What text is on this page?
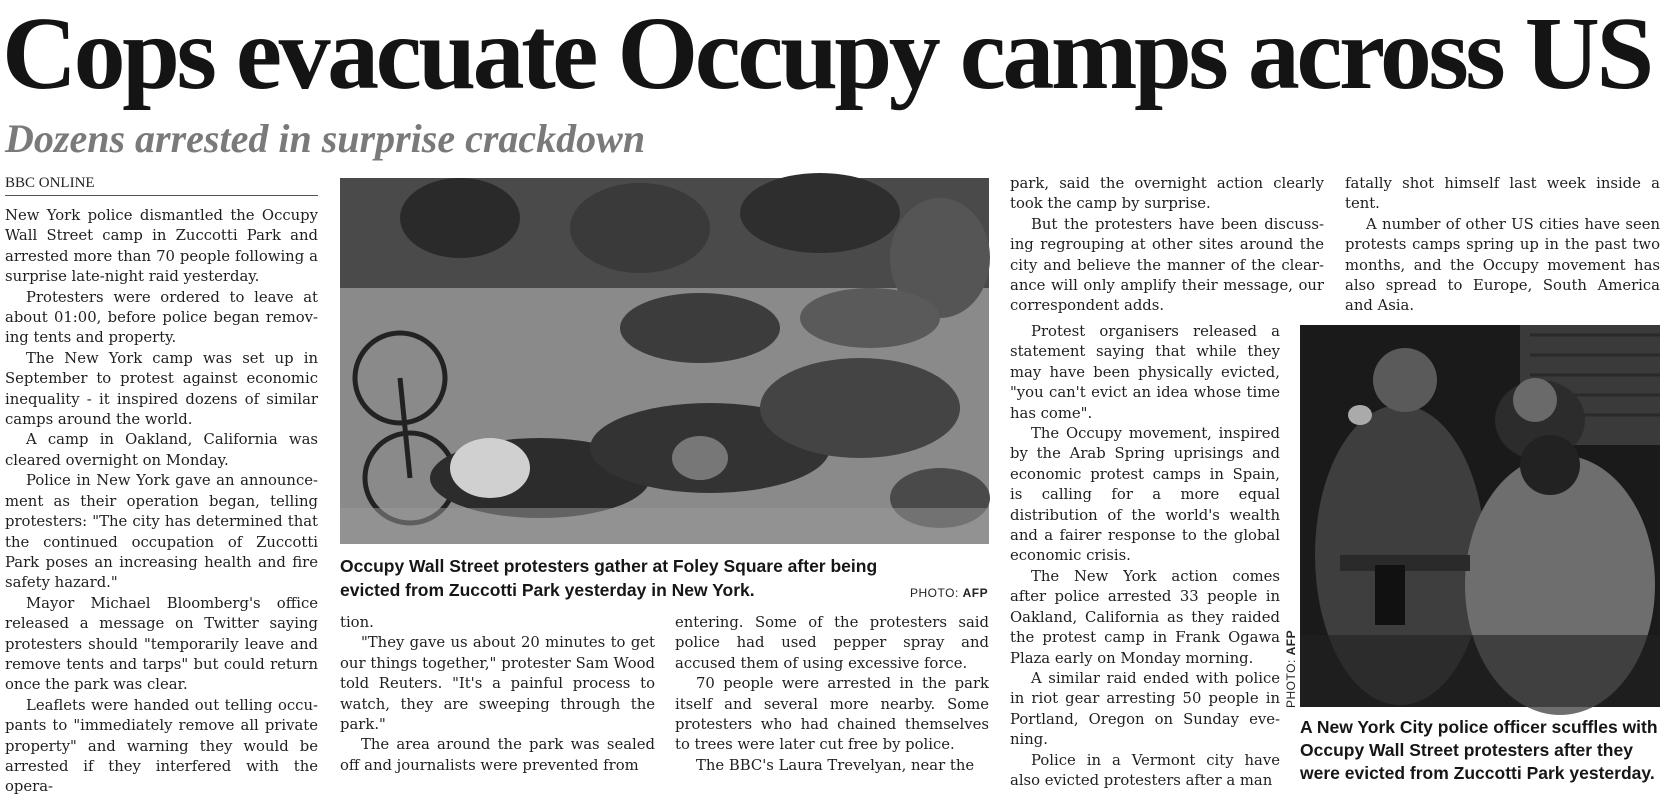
Cops evacuate Occupy camps across US
Dozens arrested in surprise crackdown
BBC ONLINE

New York police dismantled the Occupy Wall Street camp in Zuccotti Park and arrested more than 70 people following a surprise late-night raid yesterday.

Protesters were ordered to leave at about 01:00, before police began removing tents and property.

The New York camp was set up in September to protest against economic inequality - it inspired dozens of similar camps around the world.

A camp in Oakland, California was cleared overnight on Monday.

Police in New York gave an announcement as their operation began, telling protesters: "The city has determined that the continued occupation of Zuccotti Park poses an increasing health and fire safety hazard."

Mayor Michael Bloomberg's office released a message on Twitter saying protesters should "temporarily leave and remove tents and tarps" but could return once the park was clear.

Leaflets were handed out telling occupants to "immediately remove all private property" and warning they would be arrested if they interfered with the opera-

Occupy Wall Street protesters gather at Foley Square after being evicted from Zuccotti Park yesterday in New York.	PHOTO: AFP

tion.

"They gave us about 20 minutes to get our things together," protester Sam Wood told Reuters. "It's a painful process to watch, they are sweeping through the park."

The area around the park was sealed off and journalists were prevented from

entering. Some of the protesters said police had used pepper spray and accused them of using excessive force.

70 people were arrested in the park itself and several more nearby. Some protesters who had chained themselves to trees were later cut free by police.

The BBC's Laura Trevelyan, near the

park, said the overnight action clearly took the camp by surprise.

But the protesters have been discussing regrouping at other sites around the city and believe the manner of the clearance will only amplify their message, our correspondent adds.

Protest organisers released a statement saying that while they may have been physically evicted, "you can't evict an idea whose time has come".

The Occupy movement, inspired by the Arab Spring uprisings and economic protest camps in Spain, is calling for a more equal distribution of the world's wealth and a fairer response to the global economic crisis.

The New York action comes after police arrested 33 people in Oakland, California as they raided the protest camp in Frank Ogawa Plaza early on Monday morning.

A similar raid ended with police in riot gear arresting 50 people in Portland, Oregon on Sunday evening.

Police in a Vermont city have also evicted protesters after a man

fatally shot himself last week inside a tent.

A number of other US cities have seen protests camps spring up in the past two months, and the Occupy movement has also spread to Europe, South America and Asia.

PHOTO: AFP
A New York City police officer scuffles with Occupy Wall Street protesters after they were evicted from Zuccotti Park yesterday.
